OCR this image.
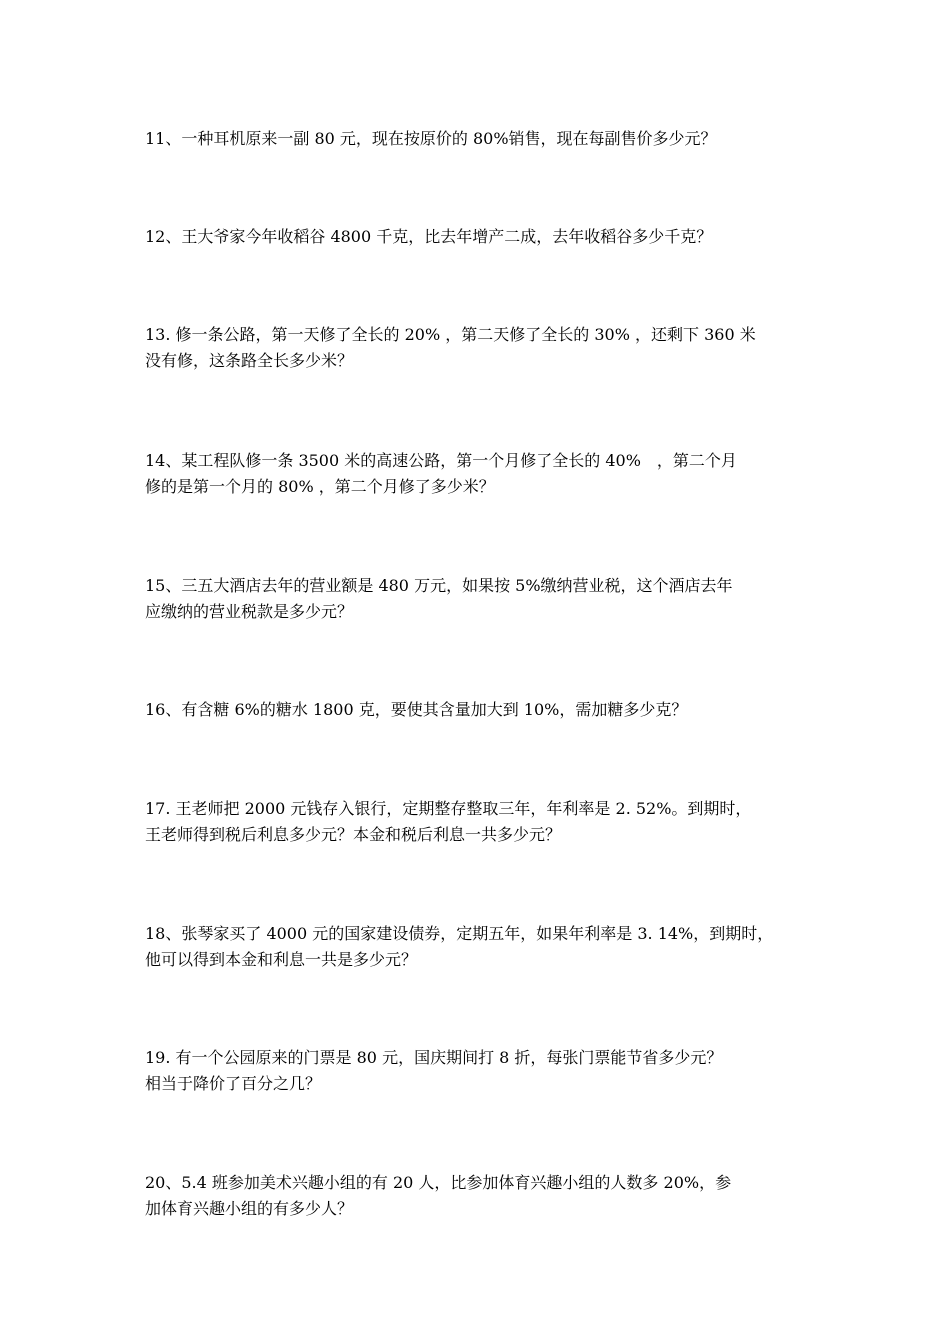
11、一种耳机原来一副 80 元，现在按原价的 80%销售，现在每副售价多少元？

12、王大爷家今年收稻谷 4800 千克，比去年增产二成，去年收稻谷多少千克？

13. 修一条公路，第一天修了全长的 20% ，第二天修了全长的 30% ，还剩下 360 米
没有修，这条路全长多少米？

14、某工程队修一条 3500 米的高速公路，第一个月修了全长的 40%　，第二个月
修的是第一个月的 80% ，第二个月修了多少米？

15、三五大酒店去年的营业额是 480 万元，如果按 5%缴纳营业税，这个酒店去年
应缴纳的营业税款是多少元？

16、有含糖 6%的糖水 1800 克，要使其含量加大到 10%，需加糖多少克？

17. 王老师把 2000 元钱存入银行，定期整存整取三年，年利率是 2. 52%。到期时，
王老师得到税后利息多少元？本金和税后利息一共多少元？

18、张琴家买了 4000 元的国家建设债券，定期五年，如果年利率是 3. 14%，到期时，
他可以得到本金和利息一共是多少元？

19. 有一个公园原来的门票是 80 元，国庆期间打 8 折，每张门票能节省多少元？
相当于降价了百分之几？

20、5.4 班参加美术兴趣小组的有 20 人，比参加体育兴趣小组的人数多 20%，参
加体育兴趣小组的有多少人？
